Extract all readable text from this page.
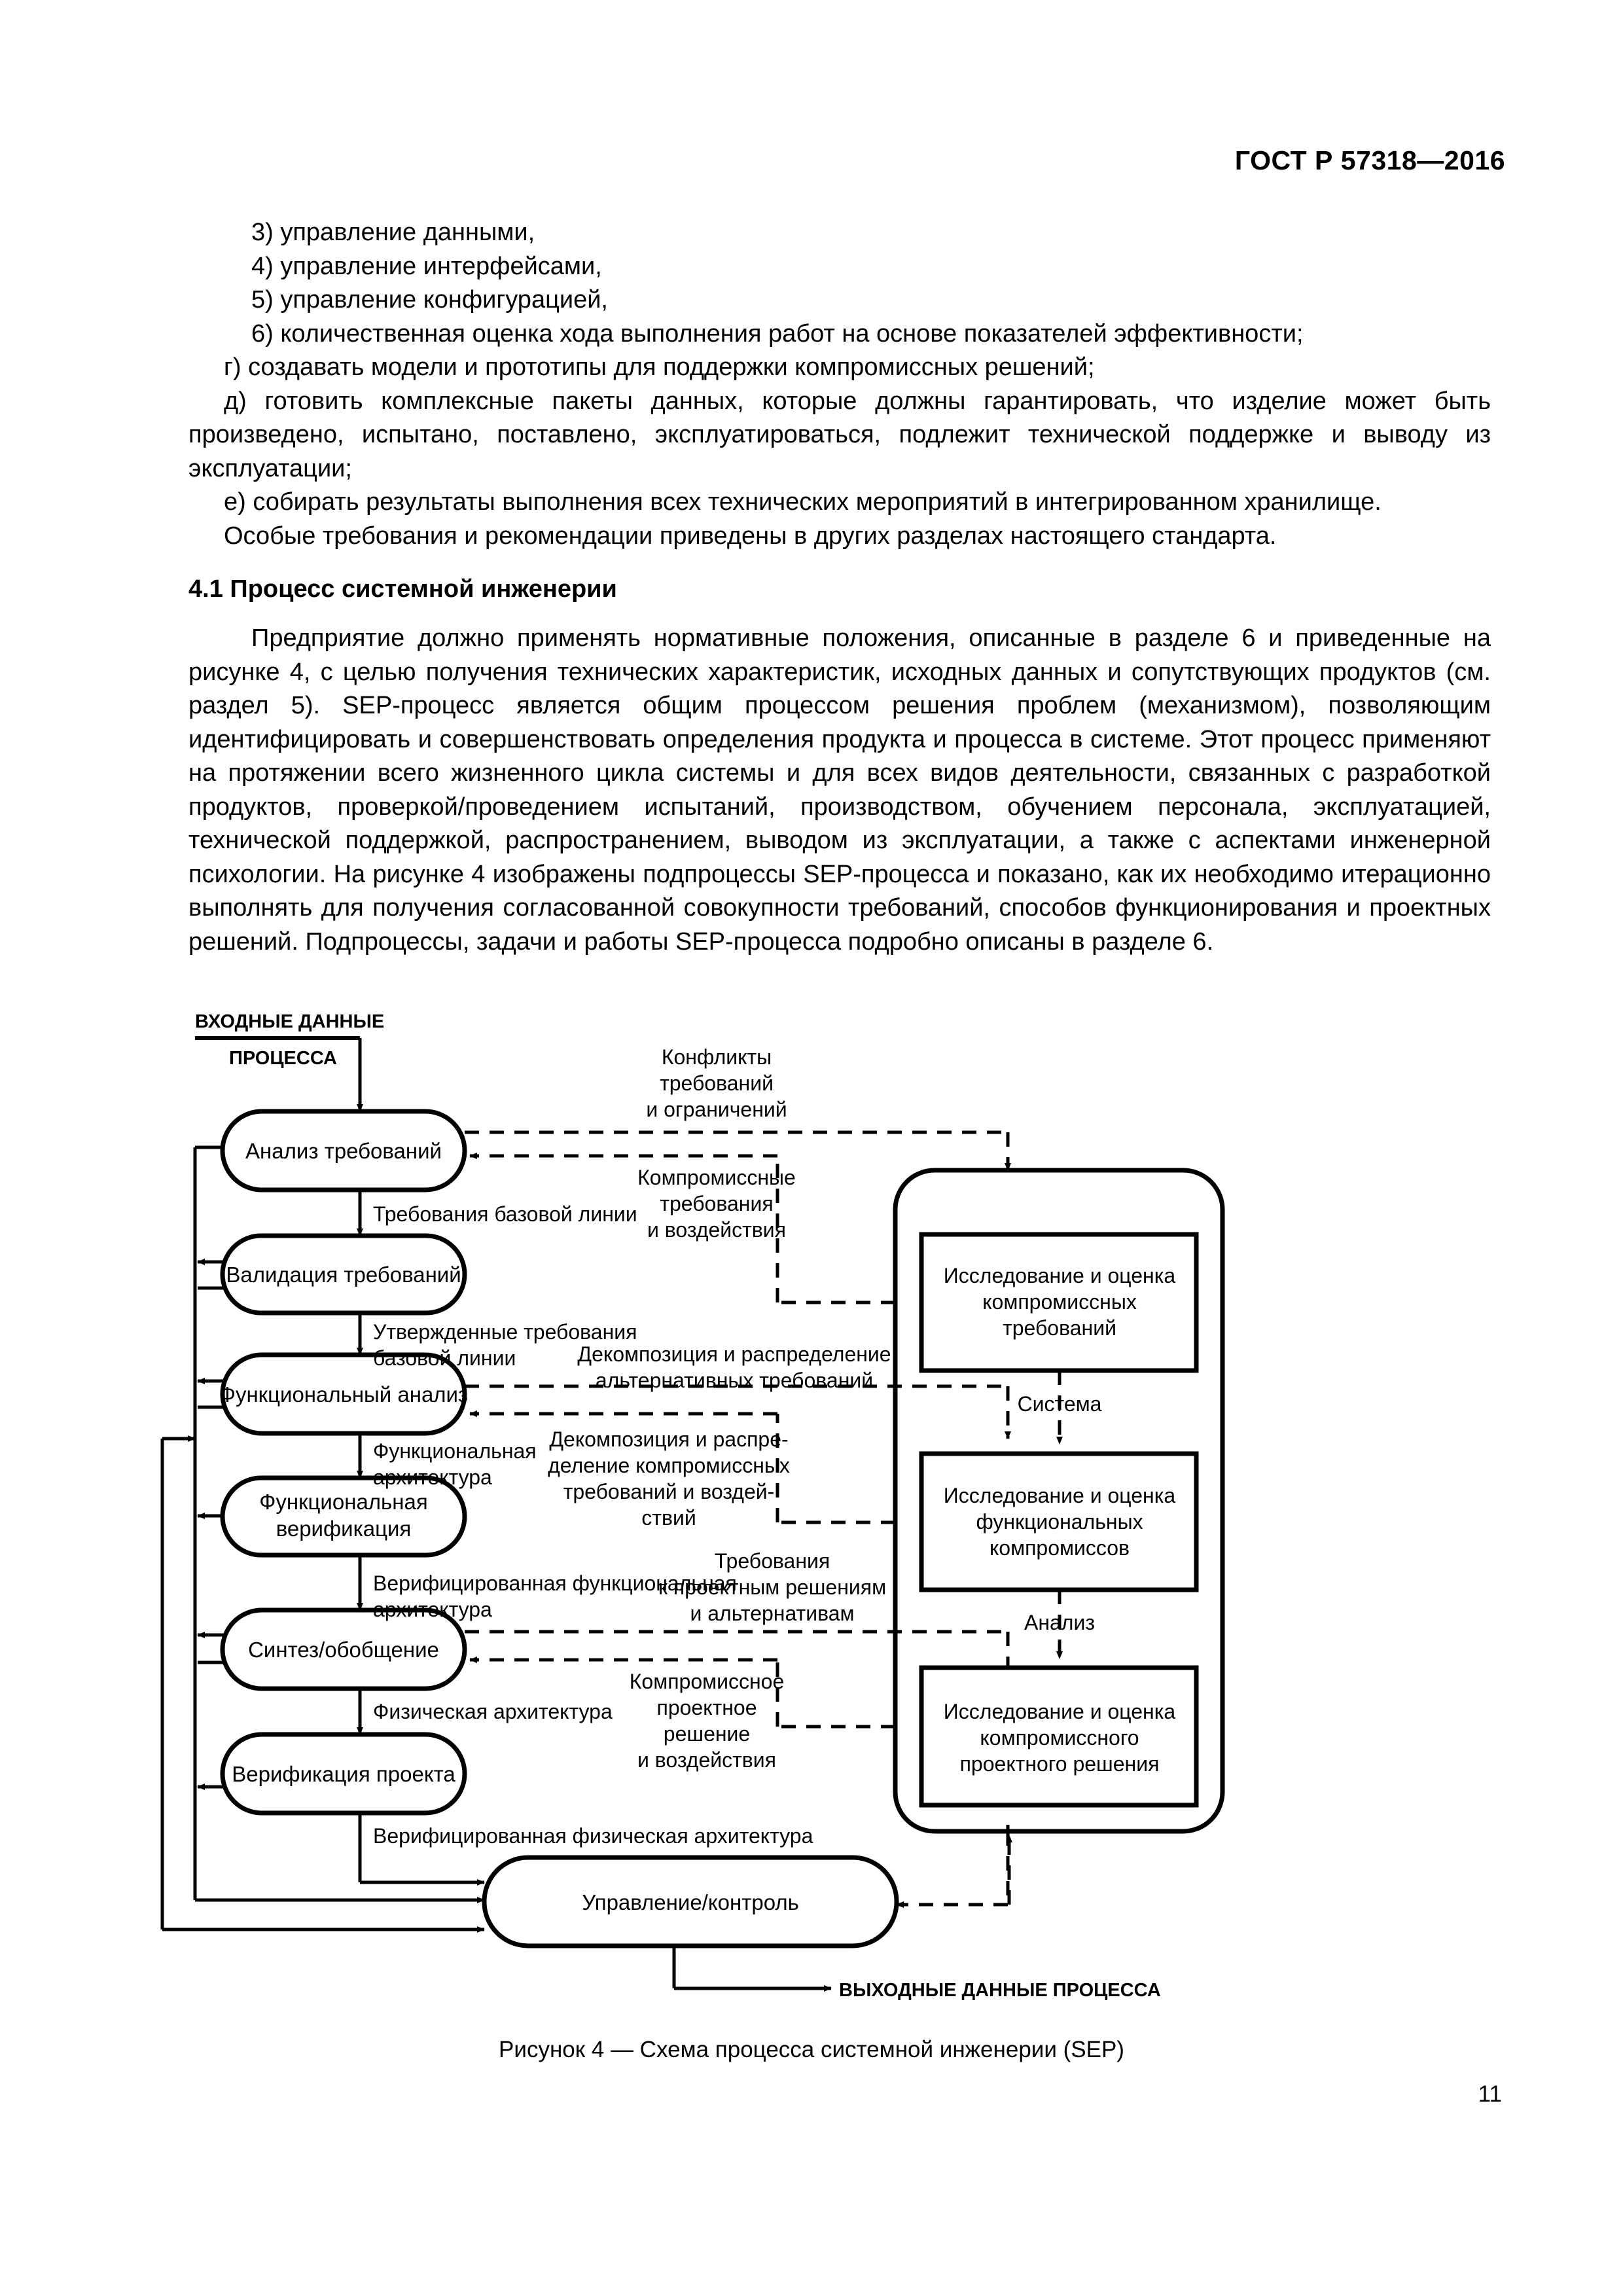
ГОСТ Р 57318—2016

3) управление данными,

4) управление интерфейсами,

5) управление конфигурацией,

6) количественная оценка хода выполнения работ на основе показателей эффективности;

г) создавать модели и прототипы для поддержки компромиссных решений;

д) готовить комплексные пакеты данных, которые должны гарантировать, что изделие может быть произведено, испытано, поставлено, эксплуатироваться, подлежит технической поддержке и выводу из эксплуатации;

е) собирать результаты выполнения всех технических мероприятий в интегрированном хранилище.

Особые требования и рекомендации приведены в других разделах настоящего стандарта.

4.1 Процесс системной инженерии

Предприятие должно применять нормативные положения, описанные в разделе 6 и приведенные на рисунке 4, с целью получения технических характеристик, исходных данных и сопутствующих продуктов (см. раздел 5). SEP-процесс является общим процессом решения проблем (механизмом), позволяющим идентифицировать и совершенствовать определения продукта и процесса в системе. Этот процесс применяют на протяжении всего жизненного цикла системы и для всех видов деятельности, связанных с разработкой продуктов, проверкой/проведением испытаний, производством, обучением персонала, эксплуатацией, технической поддержкой, распространением, выводом из эксплуатации, а также с аспектами инженерной психологии. На рисунке 4 изображены подпроцессы SEP-процесса и показано, как их необходимо итерационно выполнять для получения согласованной совокупности требований, способов функционирования и проектных решений. Подпроцессы, задачи и работы SEP-процесса подробно описаны в разделе 6.

ВХОДНЫЕ ДАННЫЕ
ПРОЦЕССА
Анализ требований
Валидация требований
Функциональный анализ
Функциональная
верификация
Синтез/обобщение
Верификация проекта
Управление/контроль
Требования базовой линии
Утвержденные требования
базовой линии
Функциональная
архитектура
Верифицированная функциональная
архитектура
Физическая архитектура
Верифицированная физическая архитектура
Конфликты
требований
и ограничений
Компромиссные
требования
и воздействия
Декомпозиция и распределение
альтернативных требований
Декомпозиция и распре-
деление компромиссных
требований и воздей-
ствий
Требования
к проектным решениям
и альтернативам
Компромиссное
проектное
решение
и воздействия
Исследование и оценка
компромиссных
требований
Исследование и оценка
функциональных
компромиссов
Исследование и оценка
компромиссного
проектного решения
Система
Анализ
ВЫХОДНЫЕ ДАННЫЕ ПРОЦЕССА
Рисунок 4 — Схема процесса системной инженерии (SEP)
11
